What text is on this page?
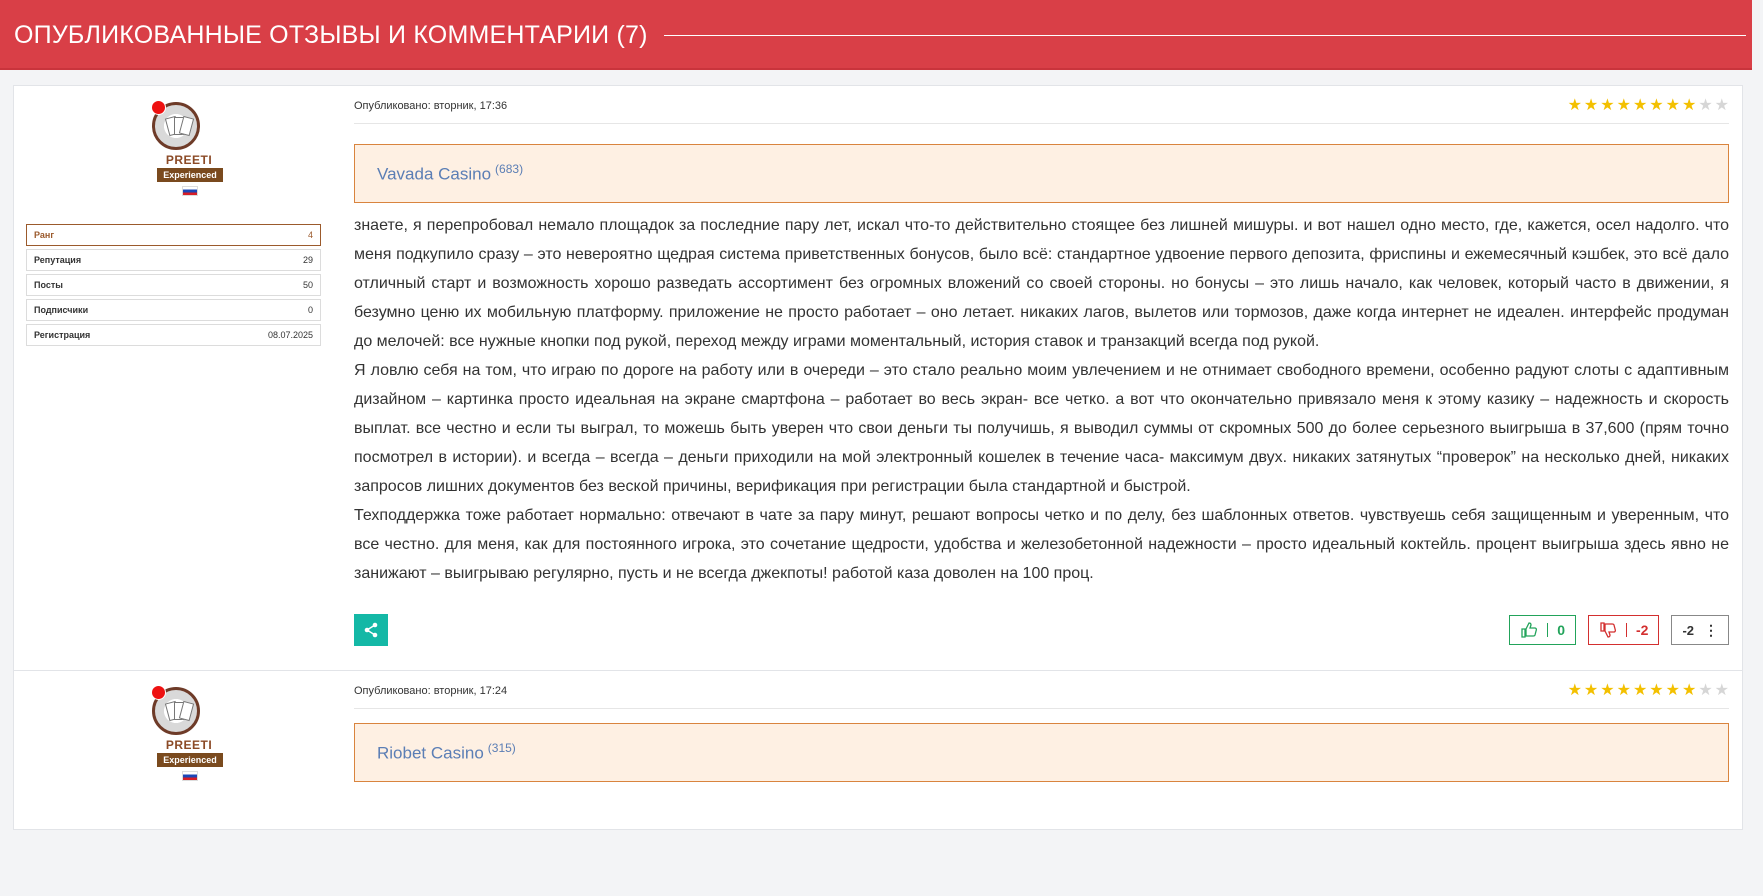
ОПУБЛИКОВАННЫЕ ОТЗЫВЫ И КОММЕНТАРИИ (7)
PREETI
Experienced
Ранг	4
Репутация	29
Посты	50
Подписчики	0
Регистрация	08.07.2025
Опубликовано: вторник, 17:36	★ ★ ★ ★ ★ ★ ★ ★ ★ ★
Vavada Casino $^{(683)}$

знаете, я перепробовал немало площадок за последние пару лет, искал что-то действительно стоящее без лишней мишуры. и вот нашел одно место, где, кажется, осел надолго. что меня подкупило сразу – это невероятно щедрая система приветственных бонусов, было всё: стандартное удвоение первого депозита, фриспины и ежемесячный кэшбек, это всё дало отличный старт и возможность хорошо разведать ассортимент без огромных вложений со своей стороны. но бонусы – это лишь начало, как человек, который часто в движении, я безумно ценю их мобильную платформу. приложение не просто работает – оно летает. никаких лагов, вылетов или тормозов, даже когда интернет не идеален. интерфейс продуман до мелочей: все нужные кнопки под рукой, переход между играми моментальный, история ставок и транзакций всегда под рукой.

Я ловлю себя на том, что играю по дороге на работу или в очереди – это стало реально моим увлечением и не отнимает свободного времени, особенно радуют слоты с адаптивным дизайном – картинка просто идеальная на экране смартфона – работает во весь экран- все четко. а вот что окончательно привязало меня к этому казику – надежность и скорость выплат. все честно и если ты выграл, то можешь быть уверен что свои деньги ты получишь, я выводил суммы от скромных 500 до более серьезного выигрыша в 37,600 (прям точно посмотрел в истории). и всегда – всегда – деньги приходили на мой электронный кошелек в течение часа- максимум двух. никаких затянутых “проверок” на несколько дней, никаких запросов лишних документов без веской причины, верификация при регистрации была стандартной и быстрой.

Техподдержка тоже работает нормально: отвечают в чате за пару минут, решают вопросы четко и по делу, без шаблонных ответов. чувствуешь себя защищенным и уверенным, что все честно. для меня, как для постоянного игрока, это сочетание щедрости, удобства и железобетонной надежности – просто идеальный коктейль. процент выигрыша здесь явно не занижают – выигрываю регулярно, пусть и не всегда джекпоты! работой каза доволен на 100 проц.

0	-2	-2 ⋮
PREETI
Experienced
Опубликовано: вторник, 17:24	★ ★ ★ ★ ★ ★ ★ ★ ★ ★
Riobet Casino $^{(315)}$
